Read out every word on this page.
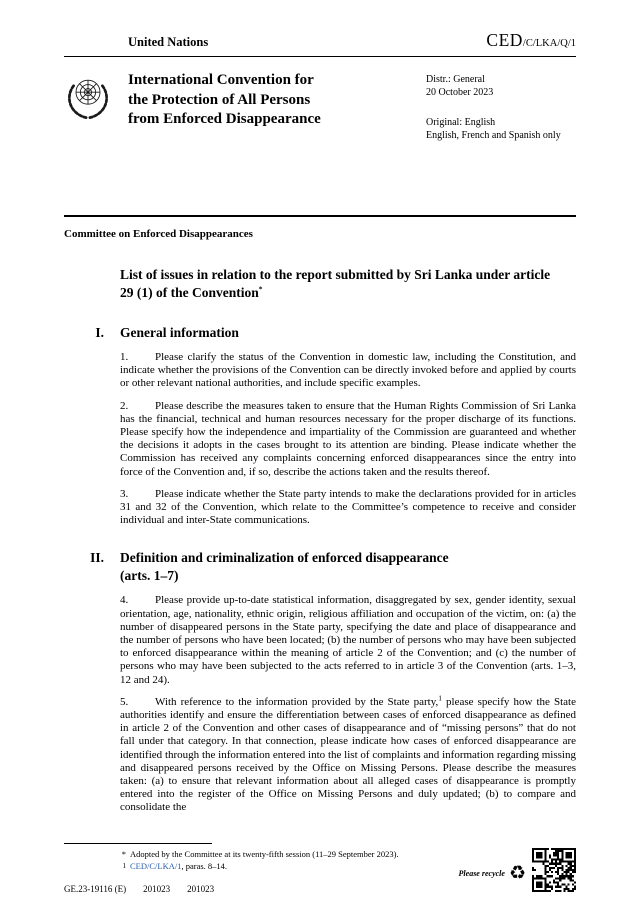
United Nations	CED/C/LKA/Q/1
International Convention for
the Protection of All Persons
from Enforced Disappearance
Distr.: General
20 October 2023
Original: English
English, French and Spanish only
Committee on Enforced Disappearances
List of issues in relation to the report submitted by Sri Lanka under article 29 (1) of the Convention*
I. General information

1. Please clarify the status of the Convention in domestic law, including the Constitution, and indicate whether the provisions of the Convention can be directly invoked before and applied by courts or other relevant national authorities, and include specific examples.

2. Please describe the measures taken to ensure that the Human Rights Commission of Sri Lanka has the financial, technical and human resources necessary for the proper discharge of its functions. Please specify how the independence and impartiality of the Commission are guaranteed and whether the decisions it adopts in the cases brought to its attention are binding. Please indicate whether the Commission has received any complaints concerning enforced disappearances since the entry into force of the Convention and, if so, describe the actions taken and the results thereof.

3. Please indicate whether the State party intends to make the declarations provided for in articles 31 and 32 of the Convention, which relate to the Committee’s competence to receive and consider individual and inter-State communications.

II. Definition and criminalization of enforced disappearance
(arts. 1–7)

4. Please provide up-to-date statistical information, disaggregated by sex, gender identity, sexual orientation, age, nationality, ethnic origin, religious affiliation and occupation of the victim, on: (a) the number of disappeared persons in the State party, specifying the date and place of disappearance and the number of persons who have been located; (b) the number of persons who may have been subjected to enforced disappearance within the meaning of article 2 of the Convention; and (c) the number of persons who may have been subjected to the acts referred to in article 3 of the Convention (arts. 1–3, 12 and 24).

5. With reference to the information provided by the State party,$^1$ please specify how the State authorities identify and ensure the differentiation between cases of enforced disappearance as defined in article 2 of the Convention and other cases of disappearance and of “missing persons” that do not fall under that category. In that connection, please indicate how cases of enforced disappearance are identified through the information entered into the list of complaints and information regarding missing and disappeared persons received by the Office on Missing Persons. Please describe the measures taken: (a) to ensure that relevant information about all alleged cases of disappearance is promptly entered into the register of the Office on Missing Persons and duly updated; (b) to compare and consolidate the

* Adopted by the Committee at its twenty-fifth session (11–29 September 2023).
$^1$ CED/C/LKA/1, paras. 8–14.
GE.23-19116 (E) 201023 201023
Please recycle ♻
